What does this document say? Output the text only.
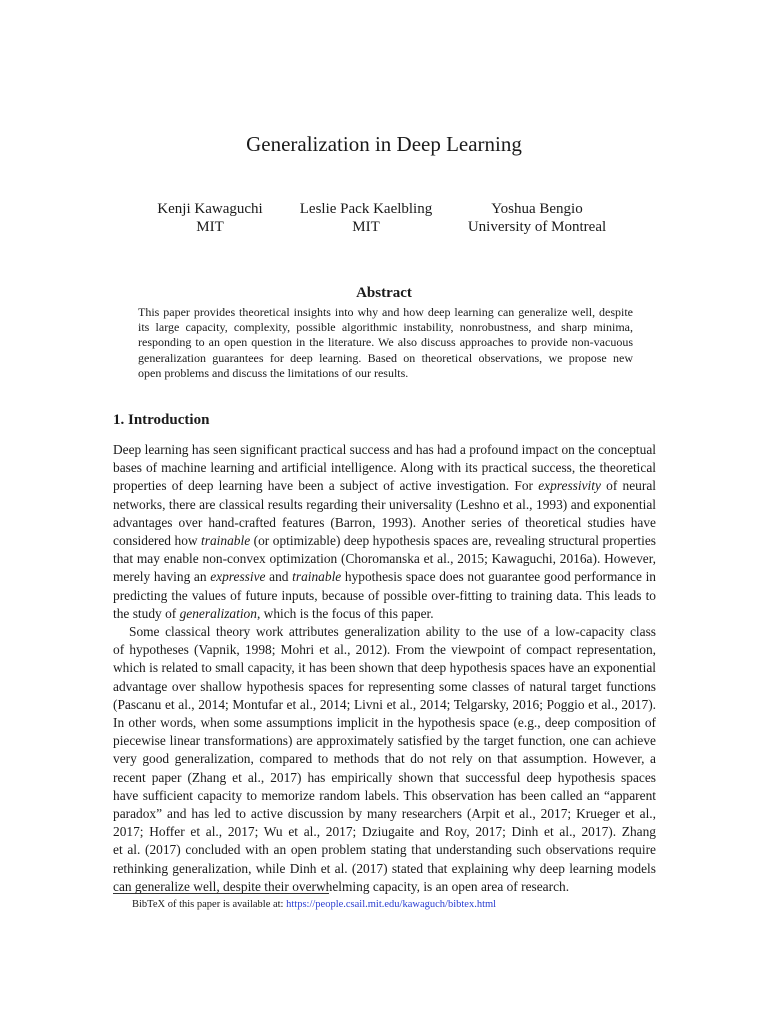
Generalization in Deep Learning
Kenji Kawaguchi
MIT
Leslie Pack Kaelbling
MIT
Yoshua Bengio
University of Montreal
Abstract
This paper provides theoretical insights into why and how deep learning can generalize well, despite
its large capacity, complexity, possible algorithmic instability, nonrobustness, and sharp minima,
responding to an open question in the literature. We also discuss approaches to provide non-vacuous
generalization guarantees for deep learning. Based on theoretical observations, we propose new
open problems and discuss the limitations of our results.
1. Introduction
Deep learning has seen significant practical success and has had a profound impact on the conceptual
bases of machine learning and artificial intelligence. Along with its practical success, the theoretical
properties of deep learning have been a subject of active investigation. For expressivity of neural
networks, there are classical results regarding their universality (Leshno et al., 1993) and exponential
advantages over hand-crafted features (Barron, 1993). Another series of theoretical studies have
considered how trainable (or optimizable) deep hypothesis spaces are, revealing structural properties
that may enable non-convex optimization (Choromanska et al., 2015; Kawaguchi, 2016a). However,
merely having an expressive and trainable hypothesis space does not guarantee good performance in
predicting the values of future inputs, because of possible over-fitting to training data. This leads to
the study of generalization, which is the focus of this paper.
Some classical theory work attributes generalization ability to the use of a low-capacity class
of hypotheses (Vapnik, 1998; Mohri et al., 2012). From the viewpoint of compact representation,
which is related to small capacity, it has been shown that deep hypothesis spaces have an exponential
advantage over shallow hypothesis spaces for representing some classes of natural target functions
(Pascanu et al., 2014; Montufar et al., 2014; Livni et al., 2014; Telgarsky, 2016; Poggio et al., 2017).
In other words, when some assumptions implicit in the hypothesis space (e.g., deep composition of
piecewise linear transformations) are approximately satisfied by the target function, one can achieve
very good generalization, compared to methods that do not rely on that assumption. However, a
recent paper (Zhang et al., 2017) has empirically shown that successful deep hypothesis spaces
have sufficient capacity to memorize random labels. This observation has been called an “apparent
paradox” and has led to active discussion by many researchers (Arpit et al., 2017; Krueger et al.,
2017; Hoffer et al., 2017; Wu et al., 2017; Dziugaite and Roy, 2017; Dinh et al., 2017). Zhang
et al. (2017) concluded with an open problem stating that understanding such observations require
rethinking generalization, while Dinh et al. (2017) stated that explaining why deep learning models
can generalize well, despite their overwhelming capacity, is an open area of research.
BibTeX of this paper is available at: https://people.csail.mit.edu/kawaguch/bibtex.html
